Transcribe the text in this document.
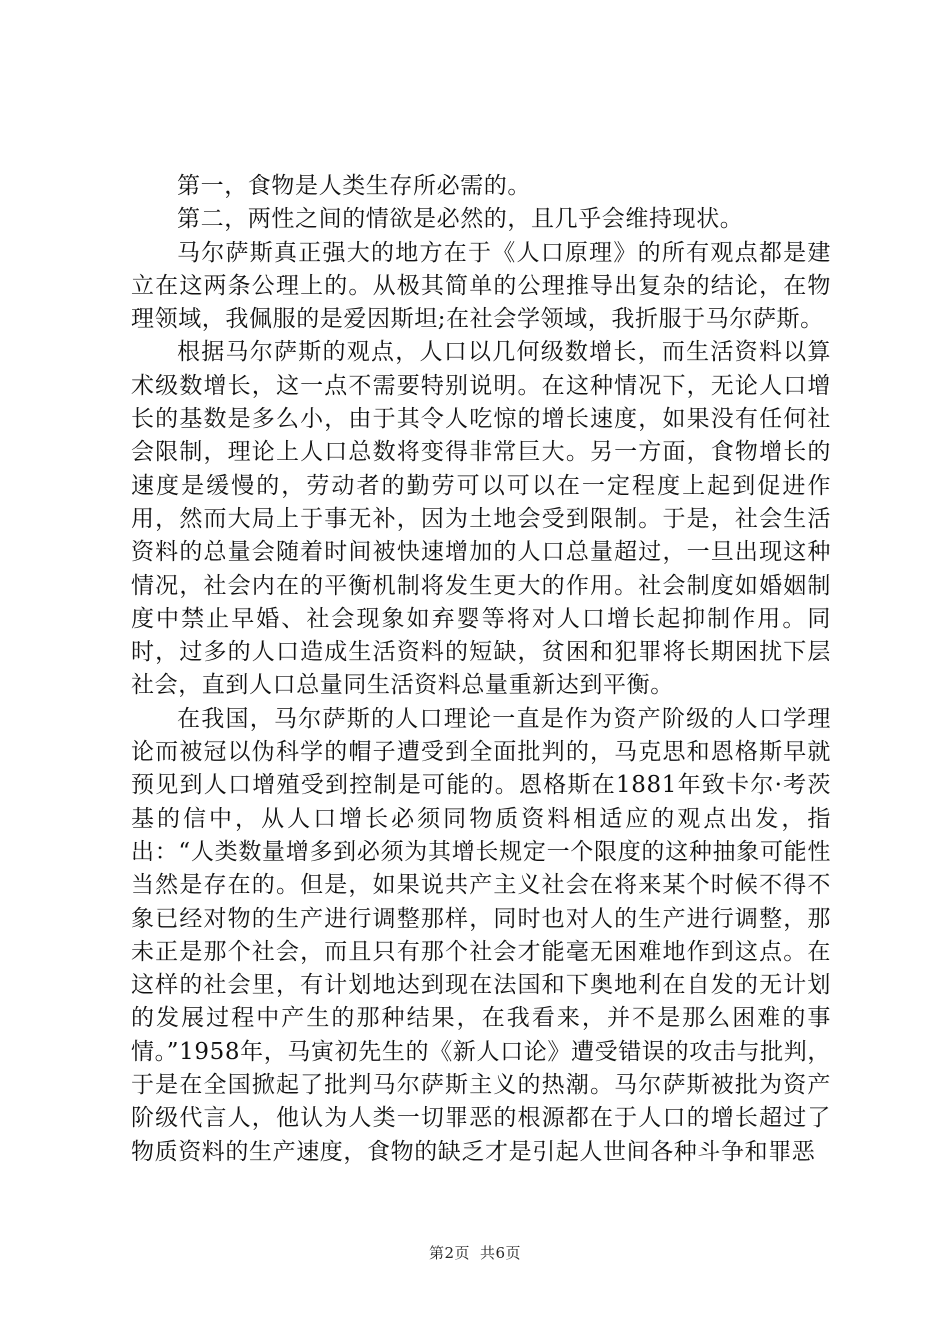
第一，食物是人类生存所必需的。

第二，两性之间的情欲是必然的，且几乎会维持现状。

马尔萨斯真正强大的地方在于《人口原理》的所有观点都是建立在这两条公理上的。从极其简单的公理推导出复杂的结论，在物理领域，我佩服的是爱因斯坦;在社会学领域，我折服于马尔萨斯。

根据马尔萨斯的观点，人口以几何级数增长，而生活资料以算术级数增长，这一点不需要特别说明。在这种情况下，无论人口增长的基数是多么小，由于其令人吃惊的增长速度，如果没有任何社会限制，理论上人口总数将变得非常巨大。另一方面，食物增长的速度是缓慢的，劳动者的勤劳可以可以在一定程度上起到促进作用，然而大局上于事无补，因为土地会受到限制。于是，社会生活资料的总量会随着时间被快速增加的人口总量超过，一旦出现这种情况，社会内在的平衡机制将发生更大的作用。社会制度如婚姻制度中禁止早婚、社会现象如弃婴等将对人口增长起抑制作用。同时，过多的人口造成生活资料的短缺，贫困和犯罪将长期困扰下层社会，直到人口总量同生活资料总量重新达到平衡。

在我国，马尔萨斯的人口理论一直是作为资产阶级的人口学理论而被冠以伪科学的帽子遭受到全面批判的，马克思和恩格斯早就预见到人口增殖受到控制是可能的。恩格斯在1881年致卡尔·考茨基的信中，从人口增长必须同物质资料相适应的观点出发，指出：“人类数量增多到必须为其增长规定一个限度的这种抽象可能性当然是存在的。但是，如果说共产主义社会在将来某个时候不得不象已经对物的生产进行调整那样，同时也对人的生产进行调整，那未正是那个社会，而且只有那个社会才能毫无困难地作到这点。在这样的社会里，有计划地达到现在法国和下奥地利在自发的无计划的发展过程中产生的那种结果，在我看来，并不是那么困难的事情。”1958年，马寅初先生的《新人口论》遭受错误的攻击与批判，于是在全国掀起了批判马尔萨斯主义的热潮。马尔萨斯被批为资产阶级代言人，他认为人类一切罪恶的根源都在于人口的增长超过了物质资料的生产速度，食物的缺乏才是引起人世间各种斗争和罪恶

第2页 共6页
